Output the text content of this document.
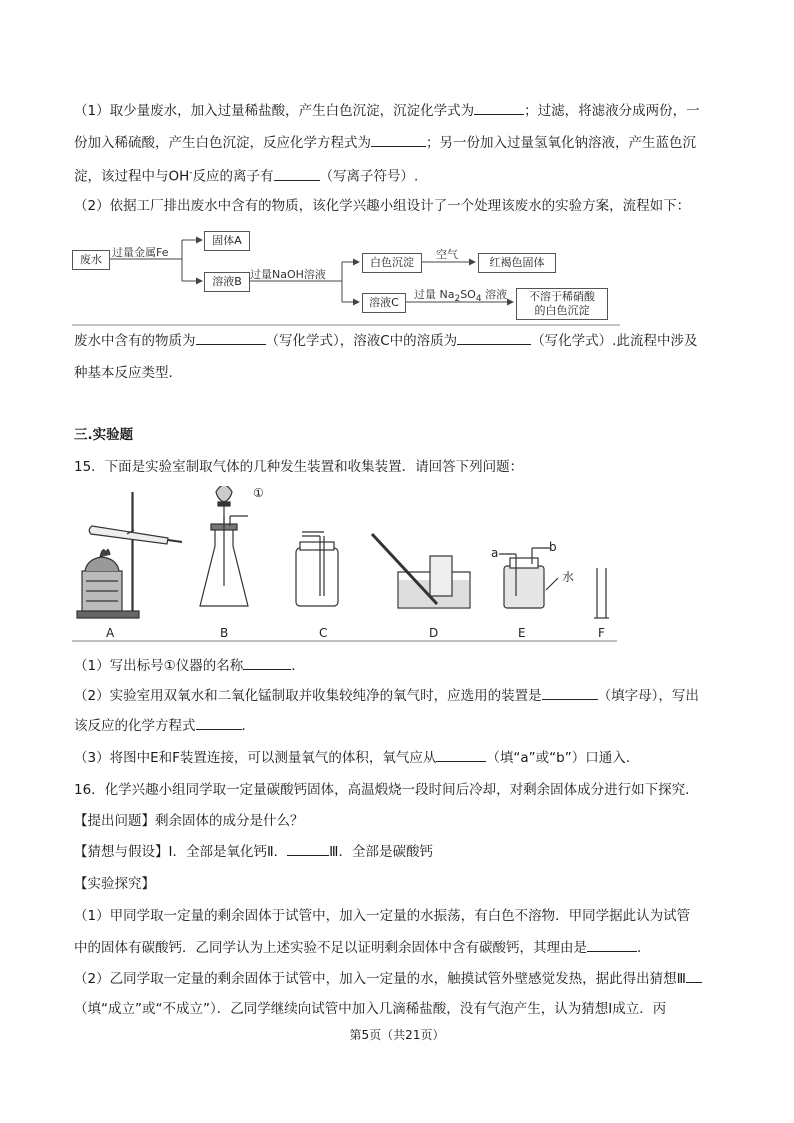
（1）取少量废水，加入过量稀盐酸，产生白色沉淀，沉淀化学式为	；过滤，将滤液分成两份，一
份加入稀硫酸，产生白色沉淀，反应化学方程式为	；另一份加入过量氢氧化钠溶液，产生蓝色沉
淀，该过程中与OH-反应的离子有	（写离子符号）.
（2）依据工厂排出废水中含有的物质，该化学兴趣小组设计了一个处理该废水的实验方案，流程如下：
废水
过量金属Fe
固体A
溶液B
过量NaOH溶液
白色沉淀
空气
红褐色固体
溶液C
过量 $Na_2SO_4$ 溶液	不溶于稀硝酸
的白色沉淀
废水中含有的物质为	（写化学式），溶液C中的溶质为	（写化学式）.此流程中涉及
种基本反应类型.
三.实验题
15．下面是实验室制取气体的几种发生装置和收集装置．请回答下列问题：
①
a	b
水
A	B	C	D	E	F
（1）写出标号①仪器的名称	.
（2）实验室用双氧水和二氧化锰制取并收集较纯净的氧气时，应选用的装置是	（填字母），写出
该反应的化学方程式	.
（3）将图中E和F装置连接，可以测量氧气的体积，氧气应从	（填“a”或“b”）口通入.
16．化学兴趣小组同学取一定量碳酸钙固体，高温煅烧一段时间后冷却，对剩余固体成分进行如下探究.
【提出问题】剩余固体的成分是什么？
【猜想与假设】Ⅰ．全部是氧化钙Ⅱ．	Ⅲ．全部是碳酸钙
【实验探究】
（1）甲同学取一定量的剩余固体于试管中，加入一定量的水振荡，有白色不溶物．甲同学据此认为试管
中的固体有碳酸钙．乙同学认为上述实验不足以证明剩余固体中含有碳酸钙，其理由是	.
（2）乙同学取一定量的剩余固体于试管中，加入一定量的水，触摸试管外壁感觉发热，据此得出猜想Ⅲ
（填“成立”或“不成立”）．乙同学继续向试管中加入几滴稀盐酸，没有气泡产生，认为猜想Ⅰ成立．丙
第5页（共21页）
